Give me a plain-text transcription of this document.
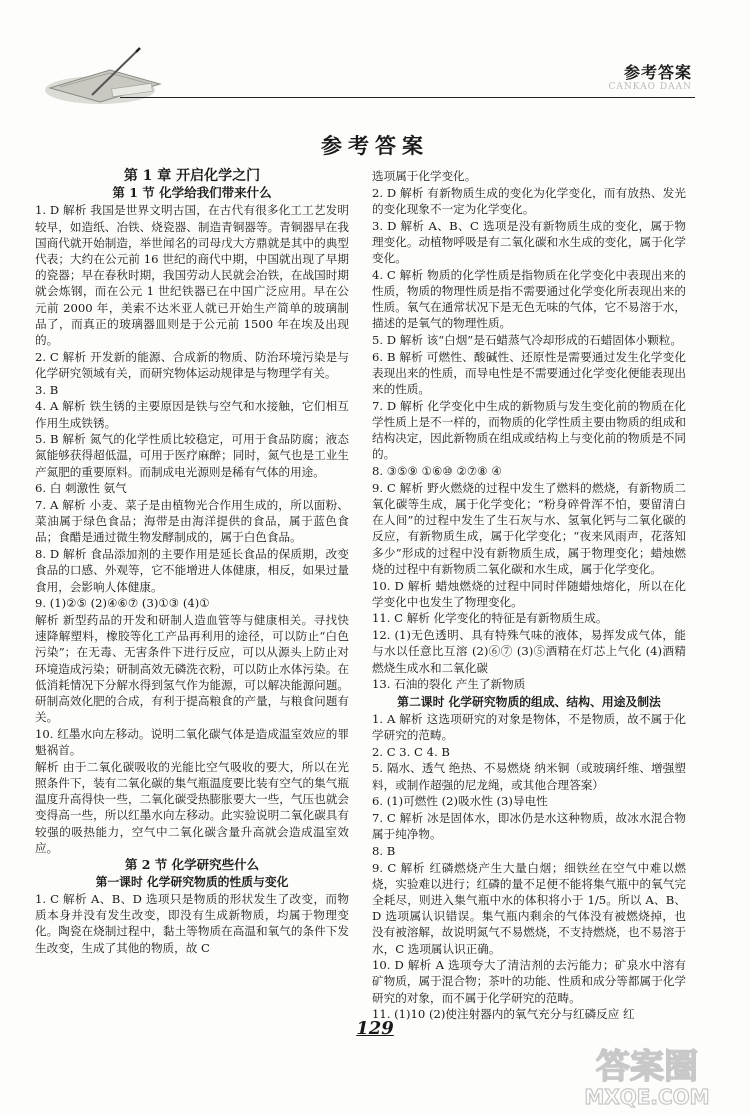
参考答案
CANKAO DAAN
参考答案

第 1 章 开启化学之门

第 1 节 化学给我们带来什么

1. D 解析 我国是世界文明古国，在古代有很多化工工艺发明较早，如造纸、冶铁、烧瓷器、制造青铜器等。青铜器早在我国商代就开始制造，举世闻名的司母戊大方鼎就是其中的典型代表；大约在公元前 16 世纪的商代中期，中国就出现了早期的瓷器；早在春秋时期，我国劳动人民就会冶铁，在战国时期就会炼钢，而在公元 1 世纪铁器已在中国广泛应用。早在公元前 2000 年，美索不达米亚人就已开始生产简单的玻璃制品了，而真正的玻璃器皿则是于公元前 1500 年在埃及出现的。

2. C 解析 开发新的能源、合成新的物质、防治环境污染是与化学研究领域有关，而研究物体运动规律是与物理学有关。

3. B

4. A 解析 铁生锈的主要原因是铁与空气和水接触，它们相互作用生成铁锈。

5. B 解析 氮气的化学性质比较稳定，可用于食品防腐；液态氮能够获得超低温，可用于医疗麻醉；同时，氮气也是工业生产氮肥的重要原料。而制成电光源则是稀有气体的用途。

6. 白 刺激性 氨气

7. A 解析 小麦、菜子是由植物光合作用生成的，所以面粉、菜油属于绿色食品；海带是由海洋提供的食品，属于蓝色食品；食醋是通过微生物发酵制成的，属于白色食品。

8. D 解析 食品添加剂的主要作用是延长食品的保质期，改变食品的口感、外观等，它不能增进人体健康，相反，如果过量食用，会影响人体健康。

9. (1)②⑤ (2)④⑥⑦ (3)①③ (4)①

解析 新型药品的开发和研制人造血管等与健康相关。寻找快速降解塑料，橡胶等化工产品再利用的途径，可以防止“白色污染”；在无毒、无害条件下进行反应，可以从源头上防止对环境造成污染；研制高效无磷洗衣粉，可以防止水体污染。在低消耗情况下分解水得到氢气作为能源，可以解决能源问题。研制高效化肥的合成，有利于提高粮食的产量，与粮食问题有关。

10. 红墨水向左移动。说明二氧化碳气体是造成温室效应的罪魁祸首。

解析 由于二氧化碳吸收的光能比空气吸收的要大，所以在光照条件下，装有二氧化碳的集气瓶温度要比装有空气的集气瓶温度升高得快一些，二氧化碳受热膨胀要大一些，气压也就会变得高一些，所以红墨水向左移动。此实验说明二氧化碳具有较强的吸热能力，空气中二氧化碳含量升高就会造成温室效应。

第 2 节 化学研究些什么

第一课时 化学研究物质的性质与变化

1. C 解析 A、B、D 选项只是物质的形状发生了改变，而物质本身并没有发生改变，即没有生成新物质，均属于物理变化。陶瓷在烧制过程中，黏土等物质在高温和氧气的条件下发生改变，生成了其他的物质，故 C

选项属于化学变化。

2. D 解析 有新物质生成的变化为化学变化，而有放热、发光的变化现象不一定为化学变化。

3. D 解析 A、B、C 选项是没有新物质生成的变化，属于物理变化。动植物呼吸是有二氧化碳和水生成的变化，属于化学变化。

4. C 解析 物质的化学性质是指物质在化学变化中表现出来的性质，物质的物理性质是指不需要通过化学变化所表现出来的性质。氧气在通常状况下是无色无味的气体，它不易溶于水，描述的是氧气的物理性质。

5. D 解析 该“白烟”是石蜡蒸气冷却形成的石蜡固体小颗粒。

6. B 解析 可燃性、酸碱性、还原性是需要通过发生化学变化表现出来的性质，而导电性是不需要通过化学变化便能表现出来的性质。

7. D 解析 化学变化中生成的新物质与发生变化前的物质在化学性质上是不一样的，而物质的化学性质主要由物质的组成和结构决定，因此新物质在组成或结构上与变化前的物质是不同的。

8. ③⑤⑨ ①⑥⑩ ②⑦⑧ ④

9. C 解析 野火燃烧的过程中发生了燃料的燃烧，有新物质二氧化碳等生成，属于化学变化；“粉身碎骨浑不怕，要留清白在人间”的过程中发生了生石灰与水、氢氧化钙与二氧化碳的反应，有新物质生成，属于化学变化；“夜来风雨声，花落知多少”形成的过程中没有新物质生成，属于物理变化；蜡烛燃烧的过程中有新物质二氧化碳和水生成，属于化学变化。

10. D 解析 蜡烛燃烧的过程中同时伴随蜡烛熔化，所以在化学变化中也发生了物理变化。

11. C 解析 化学变化的特征是有新物质生成。

12. (1)无色透明、具有特殊气味的液体，易挥发成气体，能与水以任意比互溶 (2)⑥⑦ (3)⑤酒精在灯芯上气化 (4)酒精燃烧生成水和二氧化碳

13. 石油的裂化 产生了新物质

第二课时 化学研究物质的组成、结构、用途及制法

1. A 解析 这选项研究的对象是物体，不是物质，故不属于化学研究的范畴。

2. C 3. C 4. B

5. 隔水、透气 绝热、不易燃烧 纳米铜（或玻璃纤维、增强塑料，或制作超强的尼龙绳，或其他合理答案）

6. (1)可燃性 (2)吸水性 (3)导电性

7. C 解析 冰是固体水，即冰仍是水这种物质，故冰水混合物属于纯净物。

8. B

9. C 解析 红磷燃烧产生大量白烟；细铁丝在空气中难以燃烧，实验难以进行；红磷的量不足便不能将集气瓶中的氧气完全耗尽，则进入集气瓶中水的体积将小于 1/5。所以 A、B、D 选项属认识错误。集气瓶内剩余的气体没有被燃烧掉，也没有被溶解，故说明氮气不易燃烧，不支持燃烧，也不易溶于水，C 选项属认识正确。

10. D 解析 A 选项夸大了清洁剂的去污能力；矿泉水中溶有矿物质，属于混合物；茶叶的功能、性质和成分等都属于化学研究的对象，而不属于化学研究的范畴。

11. (1)10 (2)使注射器内的氧气充分与红磷反应 红

129
答案圈
MXQE.COM
